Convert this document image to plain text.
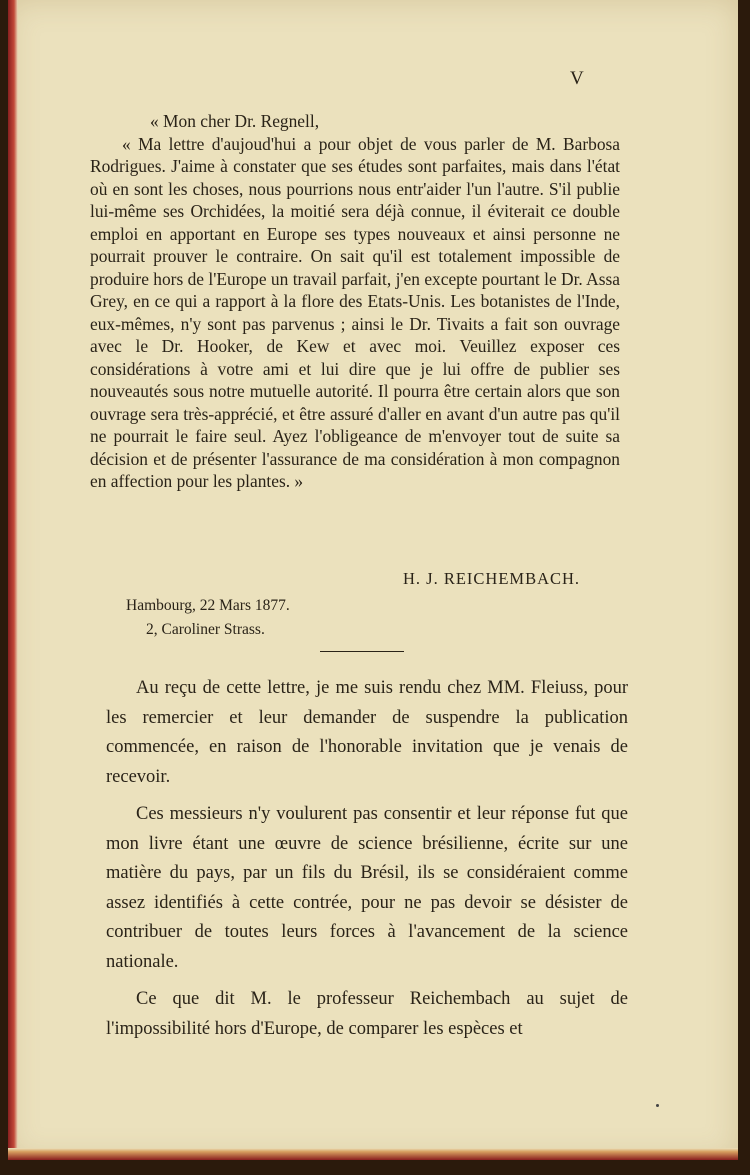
V

« Mon cher Dr. Regnell,

« Ma lettre d'aujoud'hui a pour objet de vous parler de M. Barbosa Rodrigues. J'aime à constater que ses études sont parfaites, mais dans l'état où en sont les choses, nous pourrions nous entr'aider l'un l'autre. S'il publie lui-même ses Orchidées, la moitié sera déjà connue, il éviterait ce double emploi en apportant en Europe ses types nouveaux et ainsi personne ne pourrait prouver le contraire. On sait qu'il est totalement impossible de produire hors de l'Europe un travail parfait, j'en excepte pourtant le Dr. Assa Grey, en ce qui a rapport à la flore des Etats-Unis. Les botanistes de l'Inde, eux-mêmes, n'y sont pas parvenus ; ainsi le Dr. Tivaits a fait son ouvrage avec le Dr. Hooker, de Kew et avec moi. Veuillez exposer ces considérations à votre ami et lui dire que je lui offre de publier ses nouveautés sous notre mutuelle autorité. Il pourra être certain alors que son ouvrage sera très-apprécié, et être assuré d'aller en avant d'un autre pas qu'il ne pourrait le faire seul. Ayez l'obligeance de m'envoyer tout de suite sa décision et de présenter l'assurance de ma considération à mon compagnon en affection pour les plantes. »

H. J. REICHEMBACH.
Hambourg, 22 Mars 1877.
2, Caroliner Strass.

Au reçu de cette lettre, je me suis rendu chez MM. Fleiuss, pour les remercier et leur demander de suspendre la publication commencée, en raison de l'honorable invitation que je venais de recevoir.

Ces messieurs n'y voulurent pas consentir et leur réponse fut que mon livre étant une œuvre de science brésilienne, écrite sur une matière du pays, par un fils du Brésil, ils se considéraient comme assez identifiés à cette contrée, pour ne pas devoir se désister de contribuer de toutes leurs forces à l'avancement de la science nationale.

Ce que dit M. le professeur Reichembach au sujet de l'impossibilité hors d'Europe, de comparer les espèces et
